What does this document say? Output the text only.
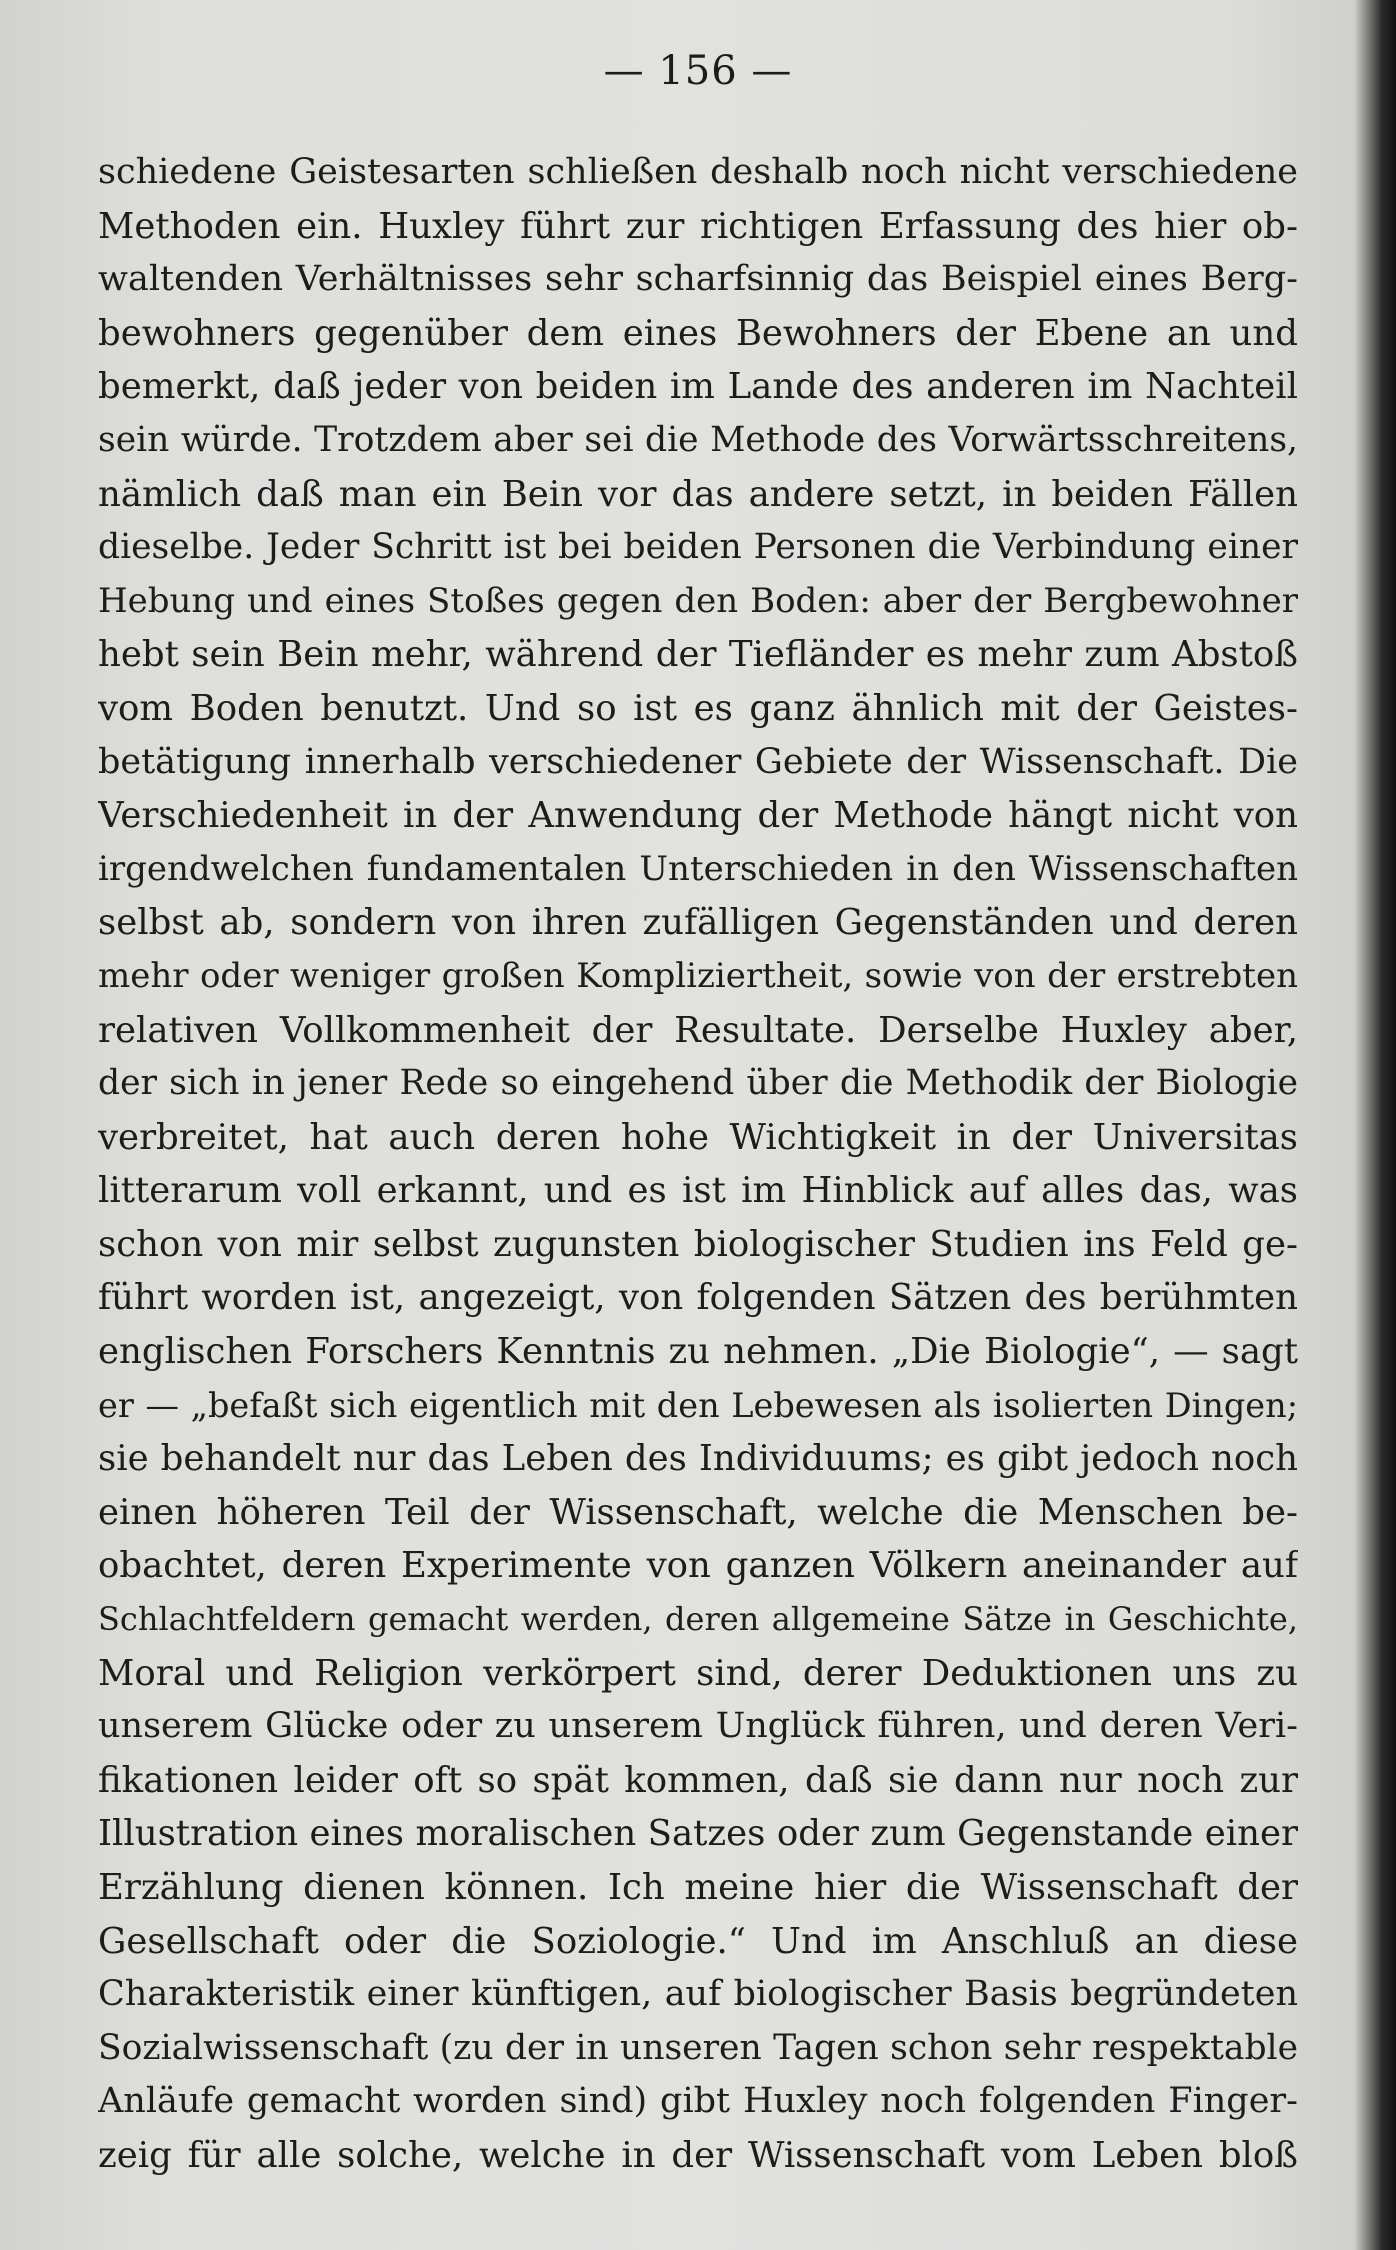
— 156 —
schiedene Geistesarten schließen deshalb noch nicht verschiedene
Methoden ein. Huxley führt zur richtigen Erfassung des hier ob-
waltenden Verhältnisses sehr scharfsinnig das Beispiel eines Berg-
bewohners gegenüber dem eines Bewohners der Ebene an und
bemerkt, daß jeder von beiden im Lande des anderen im Nachteil
sein würde. Trotzdem aber sei die Methode des Vorwärtsschreitens,
nämlich daß man ein Bein vor das andere setzt, in beiden Fällen
dieselbe. Jeder Schritt ist bei beiden Personen die Verbindung einer
Hebung und eines Stoßes gegen den Boden: aber der Bergbewohner
hebt sein Bein mehr, während der Tiefländer es mehr zum Abstoß
vom Boden benutzt. Und so ist es ganz ähnlich mit der Geistes-
betätigung innerhalb verschiedener Gebiete der Wissenschaft. Die
Verschiedenheit in der Anwendung der Methode hängt nicht von
irgendwelchen fundamentalen Unterschieden in den Wissenschaften
selbst ab, sondern von ihren zufälligen Gegenständen und deren
mehr oder weniger großen Kompliziertheit, sowie von der erstrebten
relativen Vollkommenheit der Resultate. Derselbe Huxley aber,
der sich in jener Rede so eingehend über die Methodik der Biologie
verbreitet, hat auch deren hohe Wichtigkeit in der Universitas
litterarum voll erkannt, und es ist im Hinblick auf alles das, was
schon von mir selbst zugunsten biologischer Studien ins Feld ge-
führt worden ist, angezeigt, von folgenden Sätzen des berühmten
englischen Forschers Kenntnis zu nehmen. „Die Biologie“, — sagt
er — „befaßt sich eigentlich mit den Lebewesen als isolierten Dingen;
sie behandelt nur das Leben des Individuums; es gibt jedoch noch
einen höheren Teil der Wissenschaft, welche die Menschen be-
obachtet, deren Experimente von ganzen Völkern aneinander auf
Schlachtfeldern gemacht werden, deren allgemeine Sätze in Geschichte,
Moral und Religion verkörpert sind, derer Deduktionen uns zu
unserem Glücke oder zu unserem Unglück führen, und deren Veri-
fikationen leider oft so spät kommen, daß sie dann nur noch zur
Illustration eines moralischen Satzes oder zum Gegenstande einer
Erzählung dienen können. Ich meine hier die Wissenschaft der
Gesellschaft oder die Soziologie.“ Und im Anschluß an diese
Charakteristik einer künftigen, auf biologischer Basis begründeten
Sozialwissenschaft (zu der in unseren Tagen schon sehr respektable
Anläufe gemacht worden sind) gibt Huxley noch folgenden Finger-
zeig für alle solche, welche in der Wissenschaft vom Leben bloß
